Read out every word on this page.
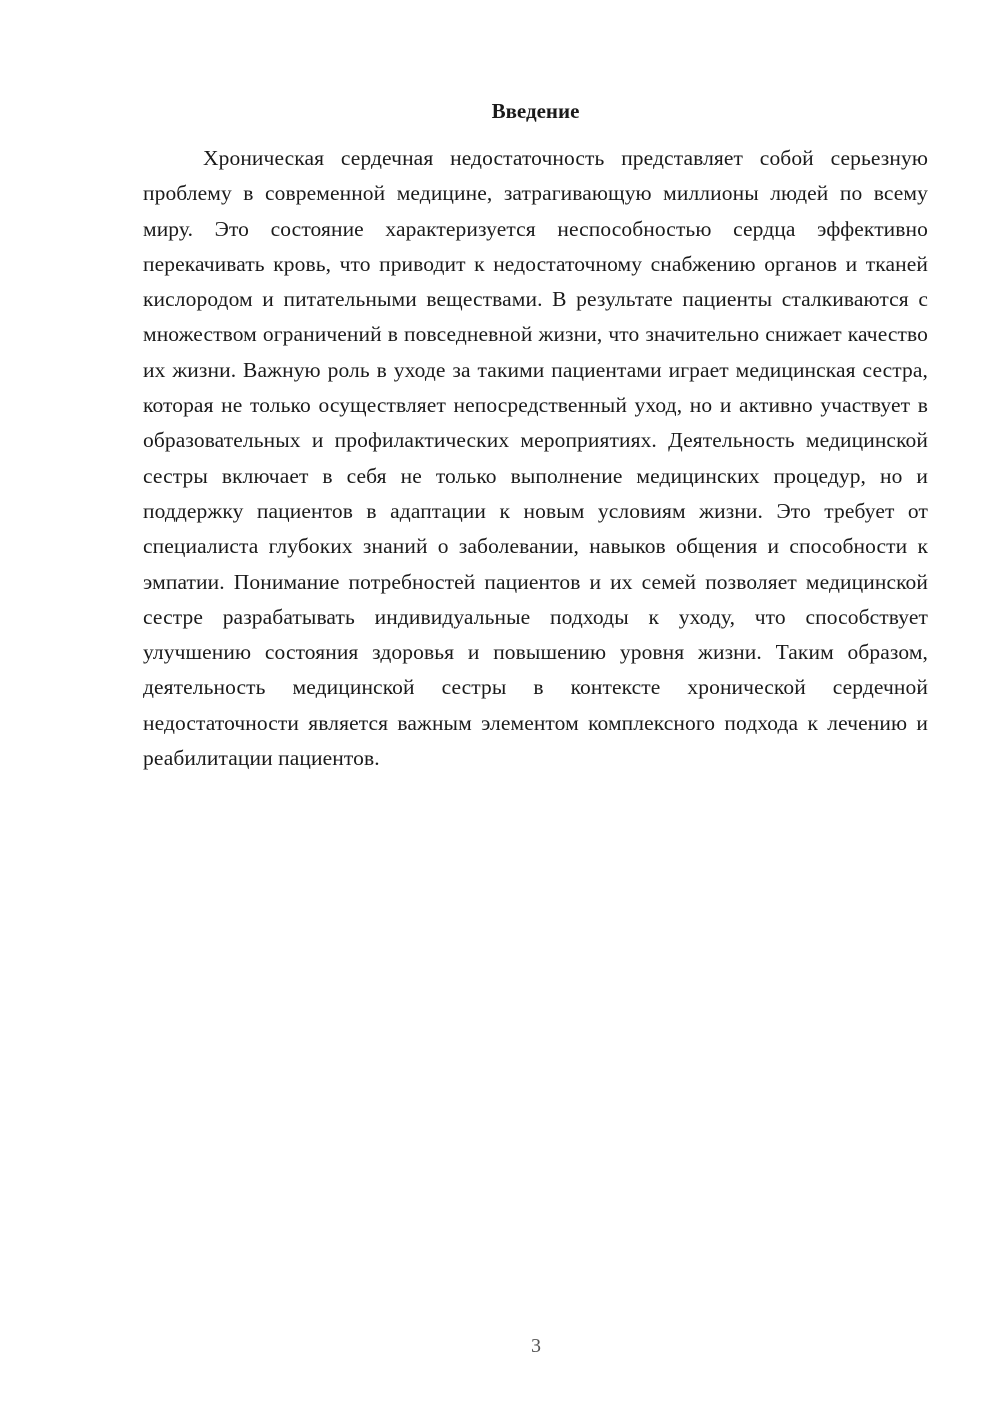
Введение

Хроническая сердечная недостаточность представляет собой серьезную проблему в современной медицине, затрагивающую миллионы людей по всему миру. Это состояние характеризуется неспособностью сердца эффективно перекачивать кровь, что приводит к недостаточному снабжению органов и тканей кислородом и питательными веществами. В результате пациенты сталкиваются с множеством ограничений в повседневной жизни, что значительно снижает качество их жизни. Важную роль в уходе за такими пациентами играет медицинская сестра, которая не только осуществляет непосредственный уход, но и активно участвует в образовательных и профилактических мероприятиях. Деятельность медицинской сестры включает в себя не только выполнение медицинских процедур, но и поддержку пациентов в адаптации к новым условиям жизни. Это требует от специалиста глубоких знаний о заболевании, навыков общения и способности к эмпатии. Понимание потребностей пациентов и их семей позволяет медицинской сестре разрабатывать индивидуальные подходы к уходу, что способствует улучшению состояния здоровья и повышению уровня жизни. Таким образом, деятельность медицинской сестры в контексте хронической сердечной недостаточности является важным элементом комплексного подхода к лечению и реабилитации пациентов.

3
